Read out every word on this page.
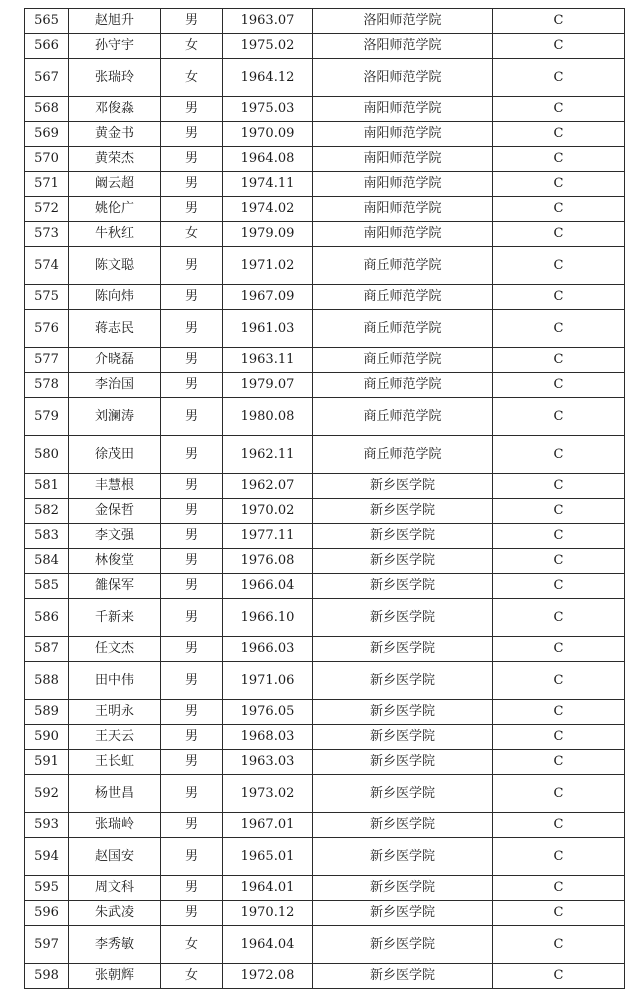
565	赵旭升	男	1963.07	洛阳师范学院	C
566	孙守宇	女	1975.02	洛阳师范学院	C
567	张瑞玲	女	1964.12	洛阳师范学院	C
568	邓俊淼	男	1975.03	南阳师范学院	C
569	黄金书	男	1970.09	南阳师范学院	C
570	黄荣杰	男	1964.08	南阳师范学院	C
571	阚云超	男	1974.11	南阳师范学院	C
572	姚伦广	男	1974.02	南阳师范学院	C
573	牛秋红	女	1979.09	南阳师范学院	C
574	陈文聪	男	1971.02	商丘师范学院	C
575	陈向炜	男	1967.09	商丘师范学院	C
576	蒋志民	男	1961.03	商丘师范学院	C
577	介晓磊	男	1963.11	商丘师范学院	C
578	李治国	男	1979.07	商丘师范学院	C
579	刘澜涛	男	1980.08	商丘师范学院	C
580	徐茂田	男	1962.11	商丘师范学院	C
581	丰慧根	男	1962.07	新乡医学院	C
582	金保哲	男	1970.02	新乡医学院	C
583	李文强	男	1977.11	新乡医学院	C
584	林俊堂	男	1976.08	新乡医学院	C
585	雒保军	男	1966.04	新乡医学院	C
586	千新来	男	1966.10	新乡医学院	C
587	任文杰	男	1966.03	新乡医学院	C
588	田中伟	男	1971.06	新乡医学院	C
589	王明永	男	1976.05	新乡医学院	C
590	王天云	男	1968.03	新乡医学院	C
591	王长虹	男	1963.03	新乡医学院	C
592	杨世昌	男	1973.02	新乡医学院	C
593	张瑞岭	男	1967.01	新乡医学院	C
594	赵国安	男	1965.01	新乡医学院	C
595	周文科	男	1964.01	新乡医学院	C
596	朱武凌	男	1970.12	新乡医学院	C
597	李秀敏	女	1964.04	新乡医学院	C
598	张朝辉	女	1972.08	新乡医学院	C
